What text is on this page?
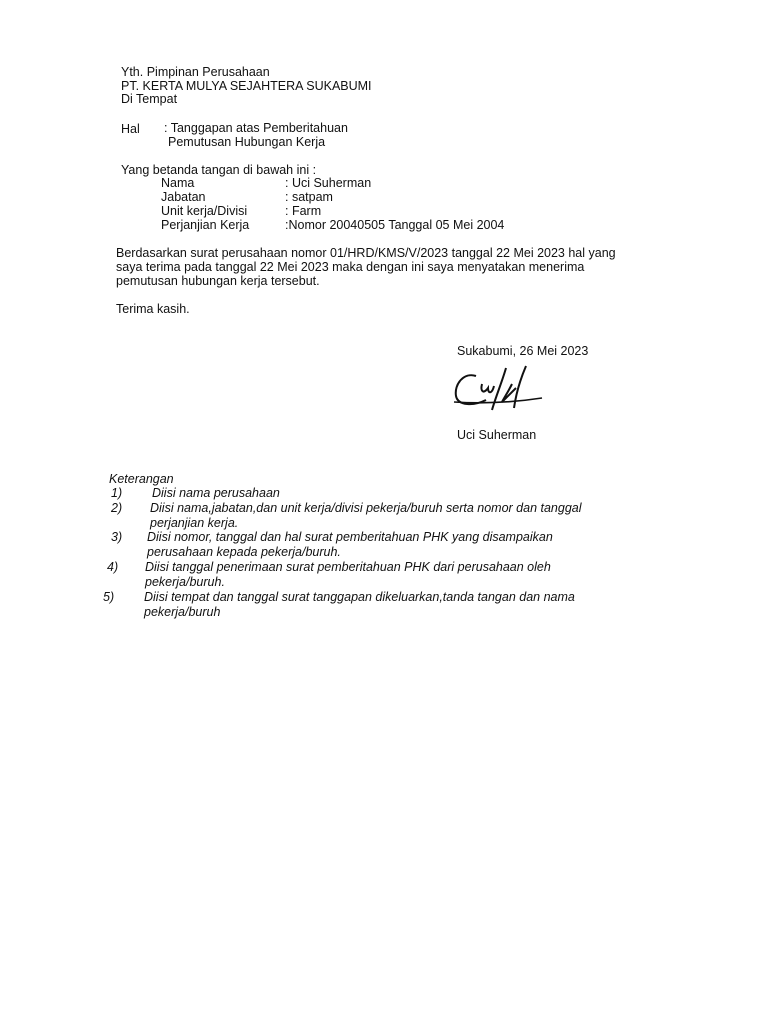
Yth. Pimpinan Perusahaan
PT. KERTA MULYA SEJAHTERA SUKABUMI
Di Tempat
Hal : Tanggapan atas Pemberitahuan
Pemutusan Hubungan Kerja
Yang betanda tangan di bawah ini :
Nama	: Uci Suherman
Jabatan	: satpam
Unit kerja/Divisi	: Farm
Perjanjian Kerja	:Nomor 20040505 Tanggal 05 Mei 2004
Berdasarkan surat perusahaan nomor 01/HRD/KMS/V/2023 tanggal 22 Mei 2023 hal yang saya terima pada tanggal 22 Mei 2023 maka dengan ini saya menyatakan menerima pemutusan hubungan kerja tersebut.
Terima kasih.
Sukabumi, 26 Mei 2023
Uci Suherman
Keterangan
1)	Diisi nama perusahaan
2)	Diisi nama,jabatan,dan unit kerja/divisi pekerja/buruh serta nomor dan tanggal perjanjian kerja.
3)	Diisi nomor, tanggal dan hal surat pemberitahuan PHK yang disampaikan perusahaan kepada pekerja/buruh.
4)	Diisi tanggal penerimaan surat pemberitahuan PHK dari perusahaan oleh pekerja/buruh.
5)	Diisi tempat dan tanggal surat tanggapan dikeluarkan,tanda tangan dan nama pekerja/buruh
